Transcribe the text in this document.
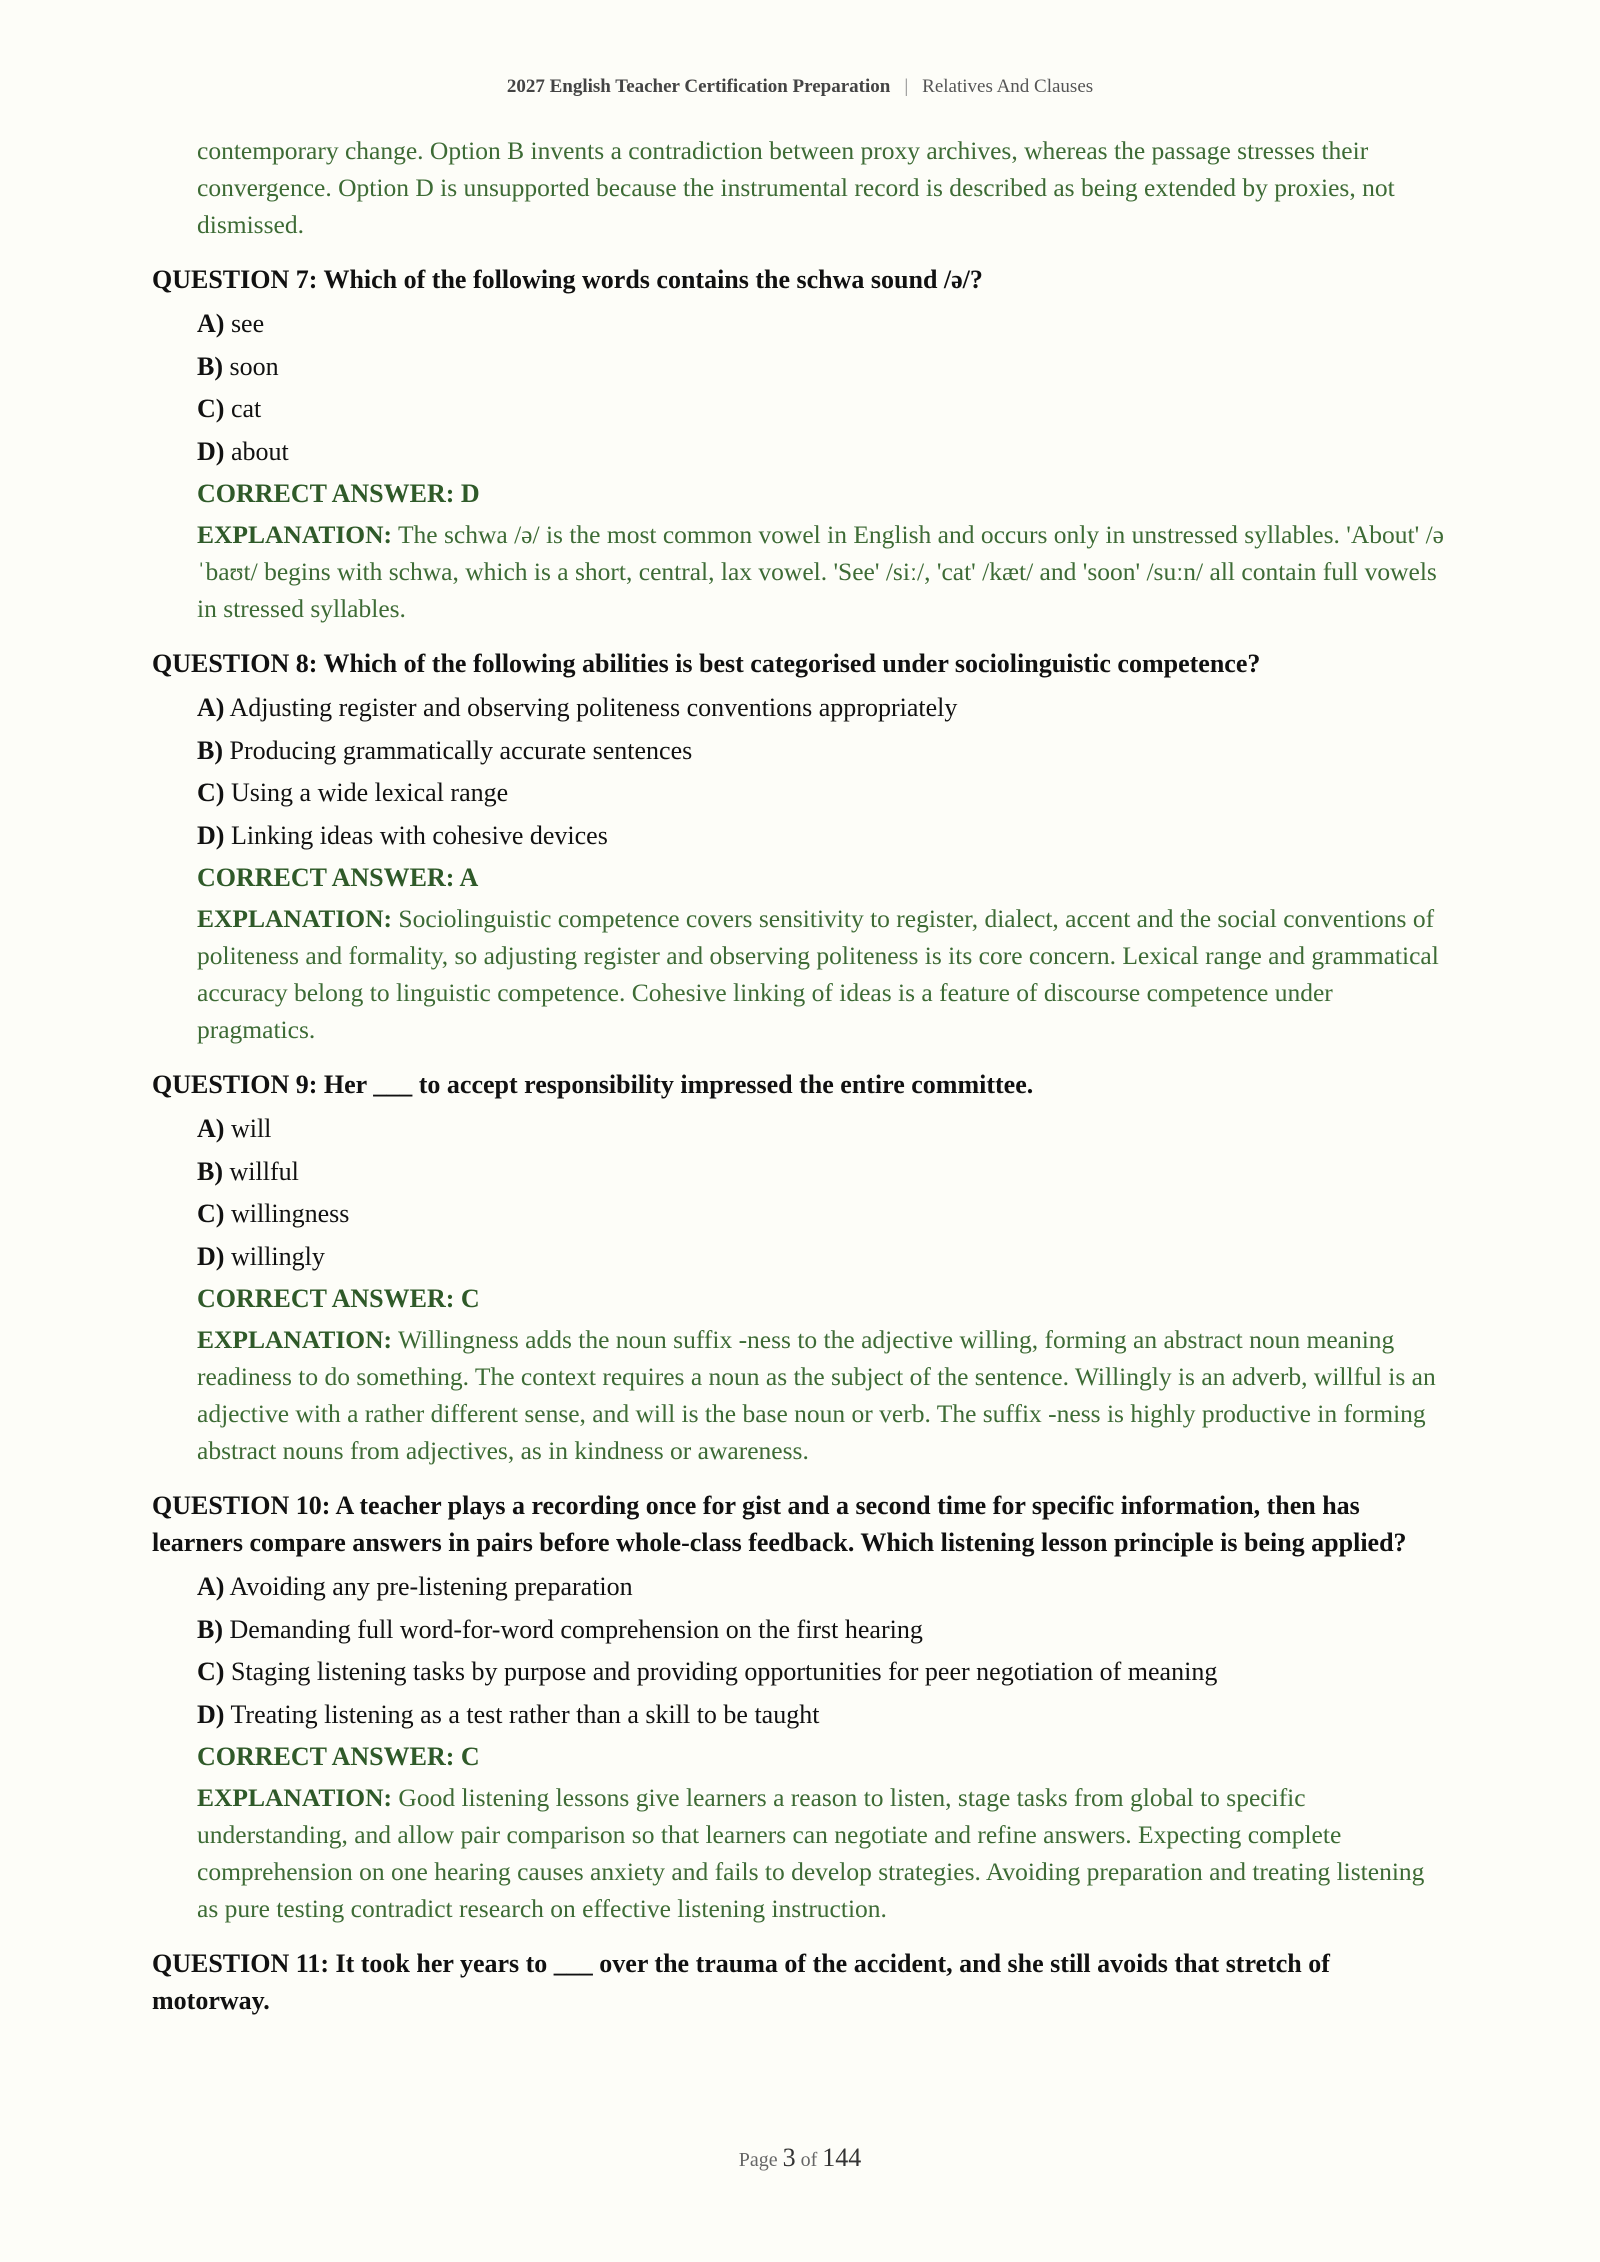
2027 English Teacher Certification Preparation | Relatives And Clauses
contemporary change. Option B invents a contradiction between proxy archives, whereas the passage stresses their convergence. Option D is unsupported because the instrumental record is described as being extended by proxies, not dismissed.
QUESTION 7: Which of the following words contains the schwa sound /ə/?
A) see
B) soon
C) cat
D) about
CORRECT ANSWER: D
EXPLANATION: The schwa /ə/ is the most common vowel in English and occurs only in unstressed syllables. 'About' /əˈbaʊt/ begins with schwa, which is a short, central, lax vowel. 'See' /siː/, 'cat' /kæt/ and 'soon' /suːn/ all contain full vowels in stressed syllables.
QUESTION 8: Which of the following abilities is best categorised under sociolinguistic competence?
A) Adjusting register and observing politeness conventions appropriately
B) Producing grammatically accurate sentences
C) Using a wide lexical range
D) Linking ideas with cohesive devices
CORRECT ANSWER: A
EXPLANATION: Sociolinguistic competence covers sensitivity to register, dialect, accent and the social conventions of politeness and formality, so adjusting register and observing politeness is its core concern. Lexical range and grammatical accuracy belong to linguistic competence. Cohesive linking of ideas is a feature of discourse competence under pragmatics.
QUESTION 9: Her ___ to accept responsibility impressed the entire committee.
A) will
B) willful
C) willingness
D) willingly
CORRECT ANSWER: C
EXPLANATION: Willingness adds the noun suffix -ness to the adjective willing, forming an abstract noun meaning readiness to do something. The context requires a noun as the subject of the sentence. Willingly is an adverb, willful is an adjective with a rather different sense, and will is the base noun or verb. The suffix -ness is highly productive in forming abstract nouns from adjectives, as in kindness or awareness.
QUESTION 10: A teacher plays a recording once for gist and a second time for specific information, then has learners compare answers in pairs before whole-class feedback. Which listening lesson principle is being applied?
A) Avoiding any pre-listening preparation
B) Demanding full word-for-word comprehension on the first hearing
C) Staging listening tasks by purpose and providing opportunities for peer negotiation of meaning
D) Treating listening as a test rather than a skill to be taught
CORRECT ANSWER: C
EXPLANATION: Good listening lessons give learners a reason to listen, stage tasks from global to specific understanding, and allow pair comparison so that learners can negotiate and refine answers. Expecting complete comprehension on one hearing causes anxiety and fails to develop strategies. Avoiding preparation and treating listening as pure testing contradict research on effective listening instruction.
QUESTION 11: It took her years to ___ over the trauma of the accident, and she still avoids that stretch of motorway.
Page 3 of 144
